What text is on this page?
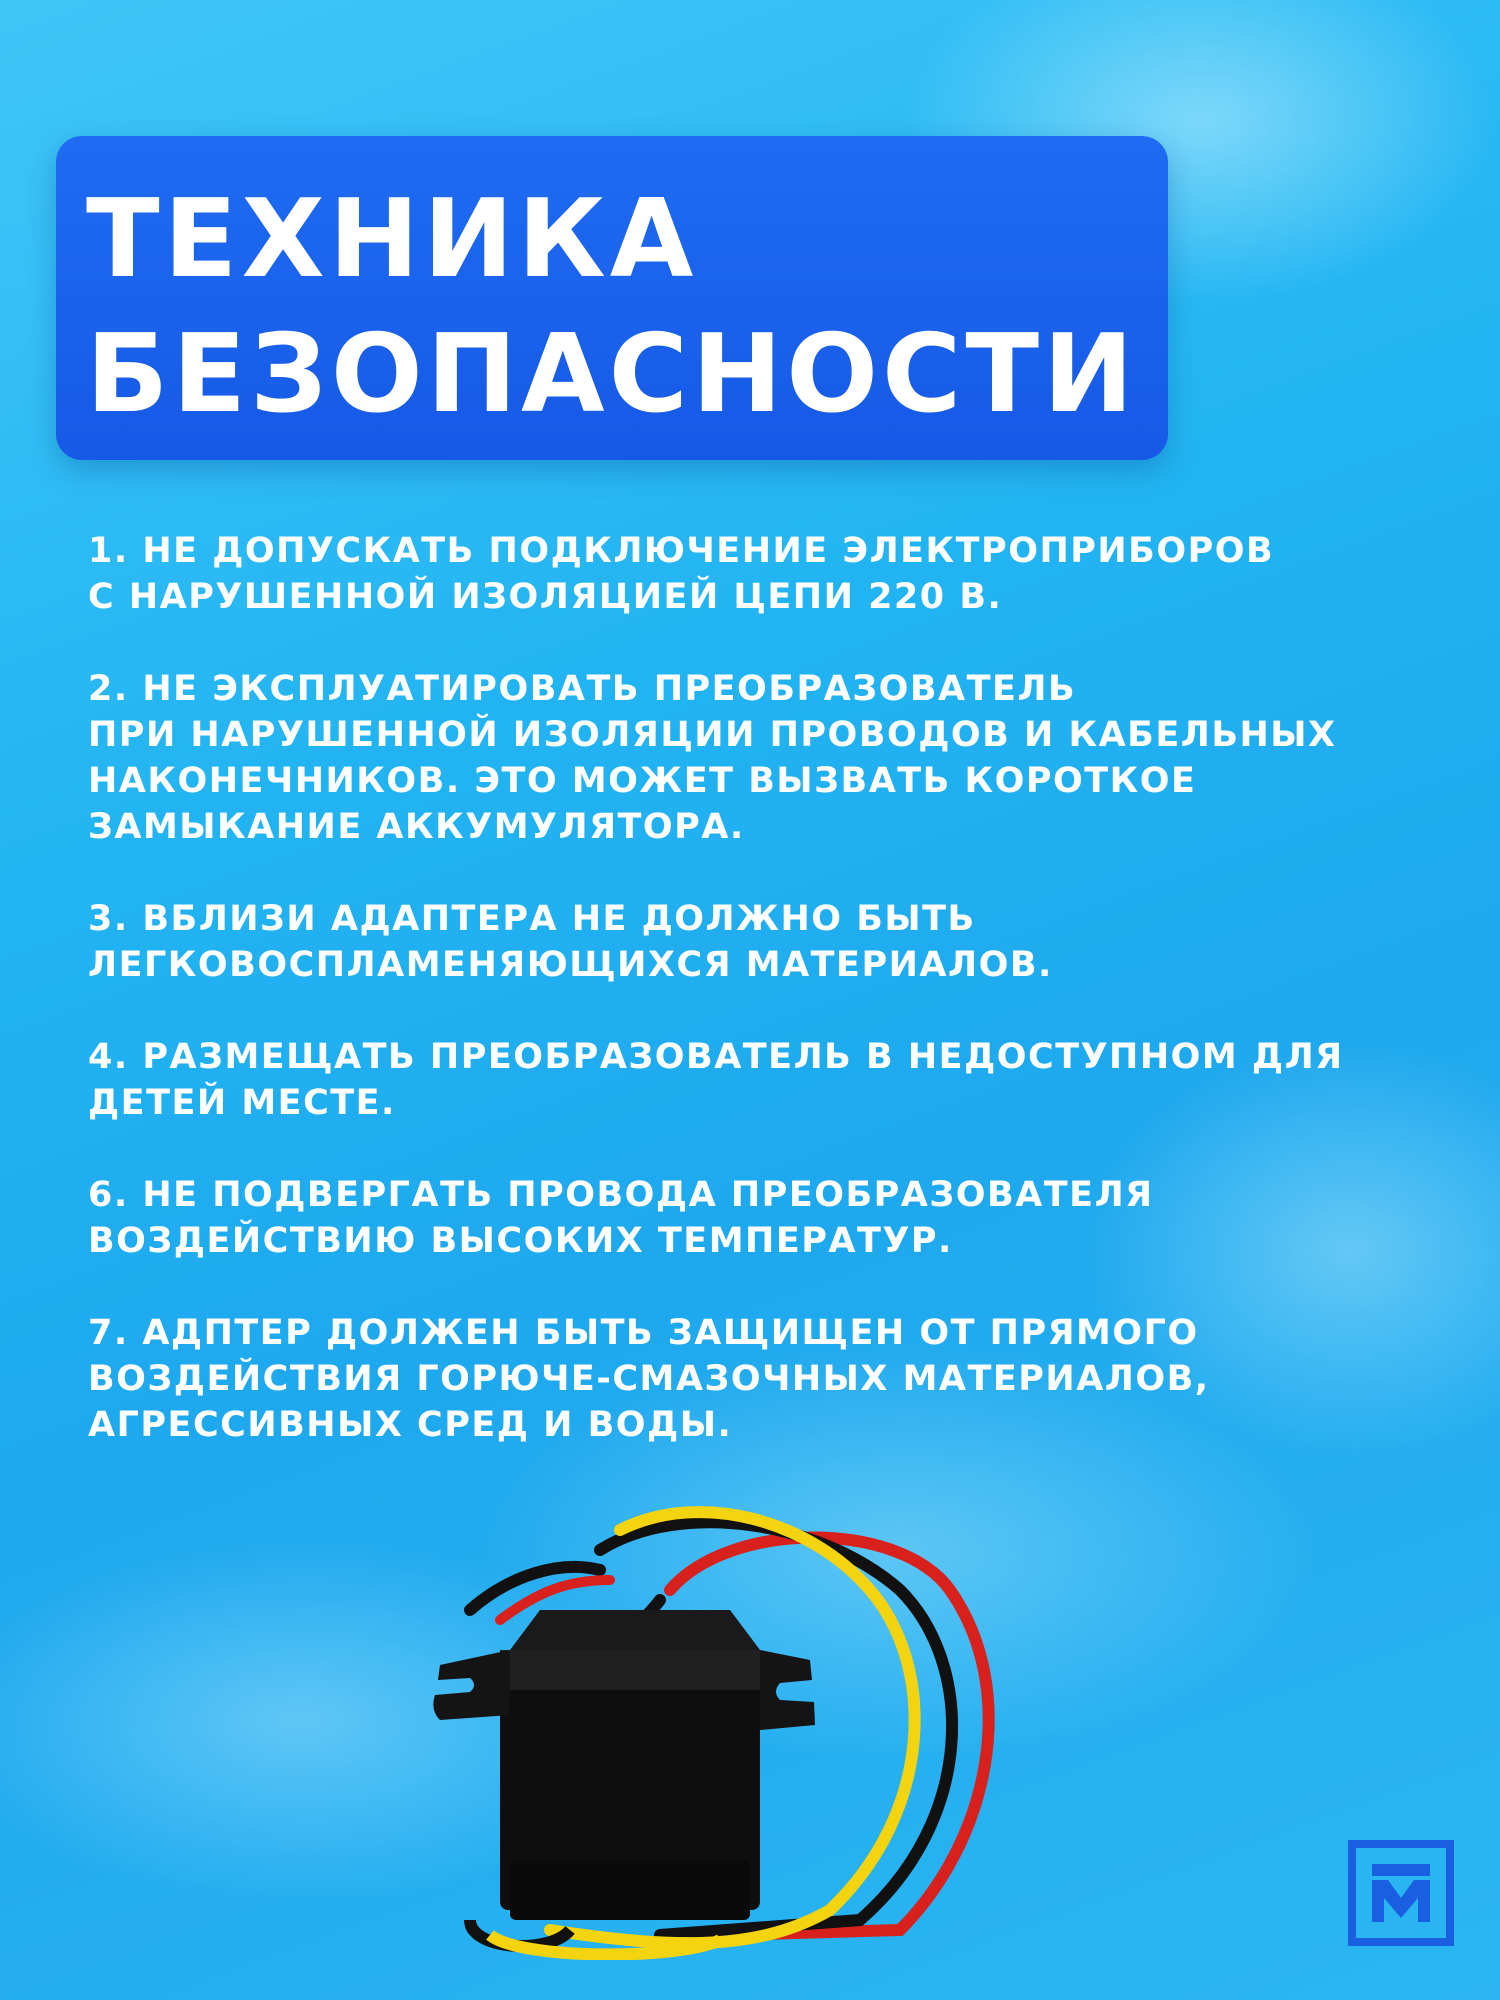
ТЕХНИКА
БЕЗОПАСНОСТИ
1. НЕ ДОПУСКАТЬ ПОДКЛЮЧЕНИЕ ЭЛЕКТРОПРИБОРОВ
С НАРУШЕННОЙ ИЗОЛЯЦИЕЙ ЦЕПИ 220 В.
2. НЕ ЭКСПЛУАТИРОВАТЬ ПРЕОБРАЗОВАТЕЛЬ
ПРИ НАРУШЕННОЙ ИЗОЛЯЦИИ ПРОВОДОВ И КАБЕЛЬНЫХ
НАКОНЕЧНИКОВ. ЭТО МОЖЕТ ВЫЗВАТЬ КОРОТКОЕ
ЗАМЫКАНИЕ АККУМУЛЯТОРА.
3. ВБЛИЗИ АДАПТЕРА НЕ ДОЛЖНО БЫТЬ
ЛЕГКОВОСПЛАМЕНЯЮЩИХСЯ МАТЕРИАЛОВ.
4. РАЗМЕЩАТЬ ПРЕОБРАЗОВАТЕЛЬ В НЕДОСТУПНОМ ДЛЯ
ДЕТЕЙ МЕСТЕ.
6. НЕ ПОДВЕРГАТЬ ПРОВОДА ПРЕОБРАЗОВАТЕЛЯ
ВОЗДЕЙСТВИЮ ВЫСОКИХ ТЕМПЕРАТУР.
7. АДПТЕР ДОЛЖЕН БЫТЬ ЗАЩИЩЕН ОТ ПРЯМОГО
ВОЗДЕЙСТВИЯ ГОРЮЧЕ-СМАЗОЧНЫХ МАТЕРИАЛОВ,
АГРЕССИВНЫХ СРЕД И ВОДЫ.
